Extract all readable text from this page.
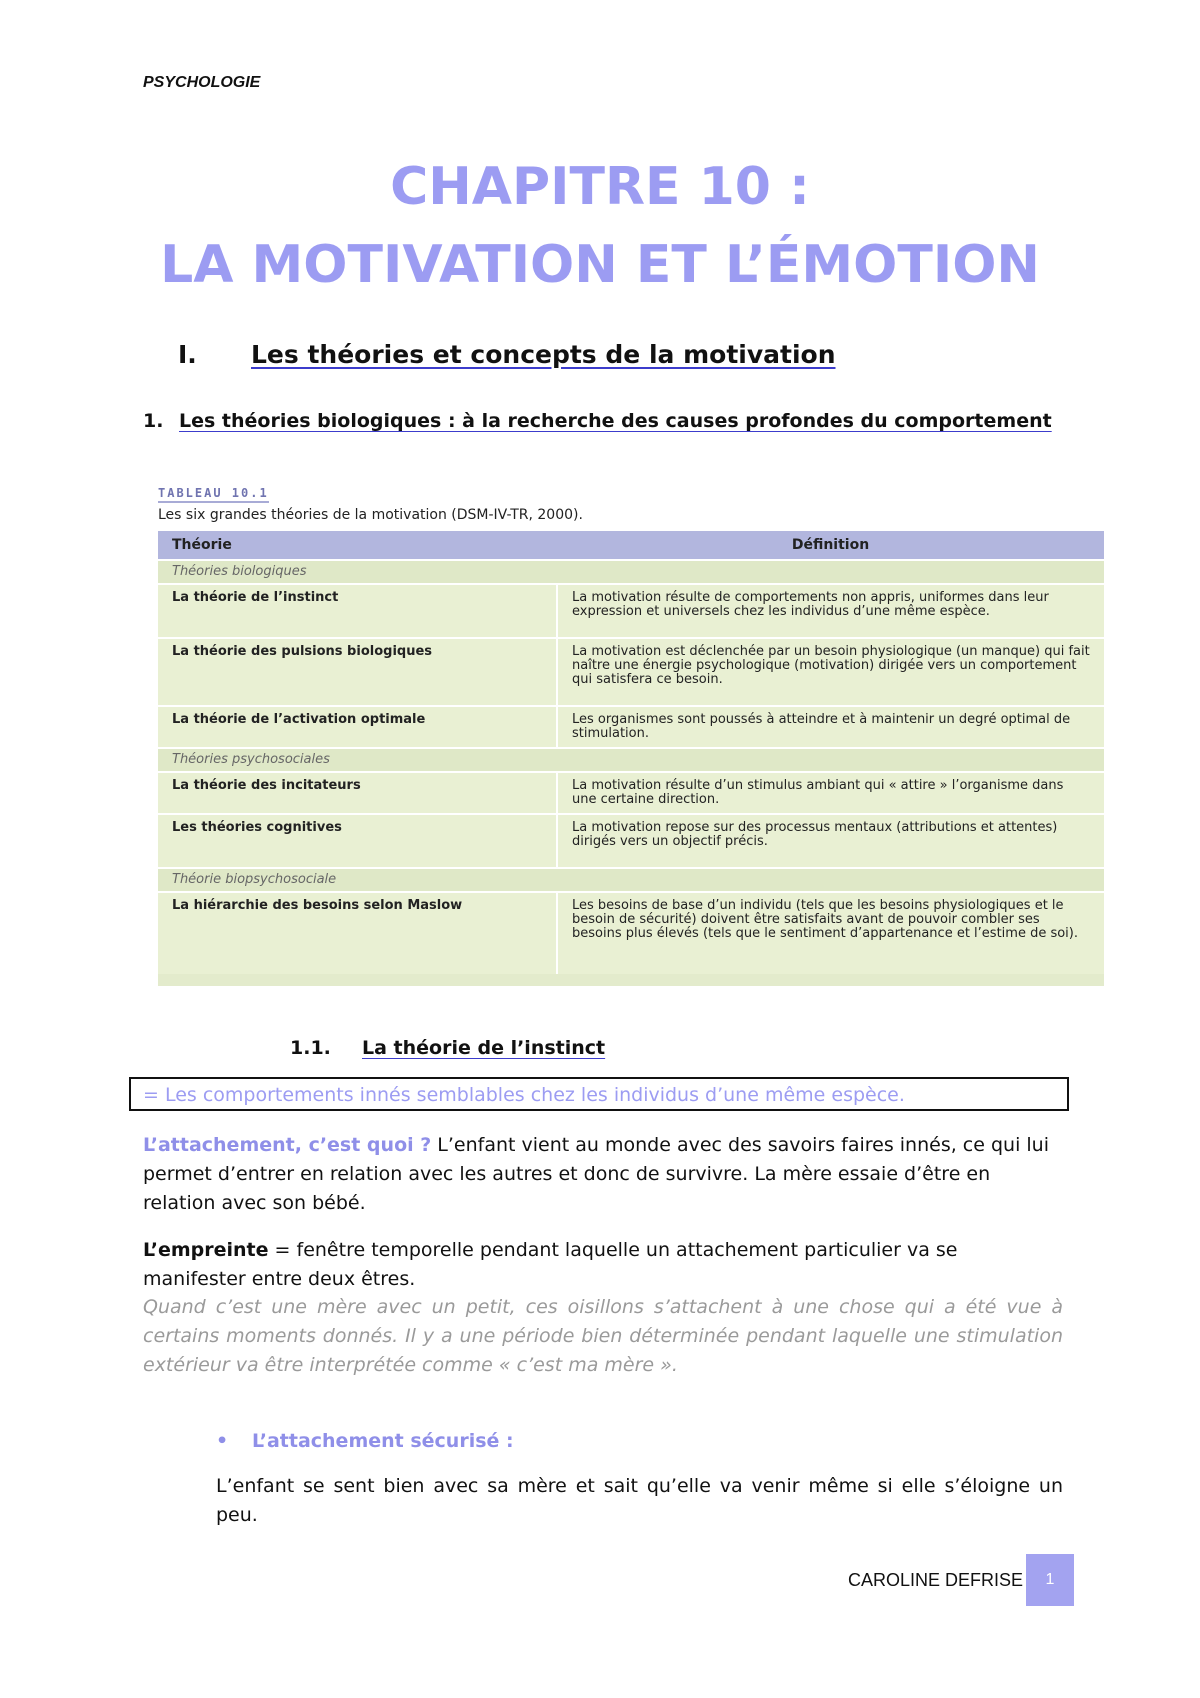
PSYCHOLOGIE
CHAPITRE 10 :
LA MOTIVATION ET L’ÉMOTION
I. Les théories et concepts de la motivation
1. Les théories biologiques : à la recherche des causes profondes du comportement
TABLEAU 10.1
Les six grandes théories de la motivation (DSM-IV-TR, 2000).
Théorie	Définition
Théories biologiques	
La théorie de l’instinct	La motivation résulte de comportements non appris, uniformes dans leur expression et universels chez les individus d’une même espèce.
La théorie des pulsions biologiques	La motivation est déclenchée par un besoin physiologique (un manque) qui fait naître une énergie psychologique (motivation) dirigée vers un comportement qui satisfera ce besoin.
La théorie de l’activation optimale	Les organismes sont poussés à atteindre et à maintenir un degré optimal de stimulation.
Théories psychosociales	
La théorie des incitateurs	La motivation résulte d’un stimulus ambiant qui « attire » l’organisme dans une certaine direction.
Les théories cognitives	La motivation repose sur des processus mentaux (attributions et attentes) dirigés vers un objectif précis.
Théorie biopsychosociale	
La hiérarchie des besoins selon Maslow	Les besoins de base d’un individu (tels que les besoins physiologiques et le besoin de sécurité) doivent être satisfaits avant de pouvoir combler ses besoins plus élevés (tels que le sentiment d’appartenance et l’estime de soi).
1.1. La théorie de l’instinct
= Les comportements innés semblables chez les individus d’une même espèce.
L’attachement, c’est quoi ? L’enfant vient au monde avec des savoirs faires innés, ce qui lui permet d’entrer en relation avec les autres et donc de survivre. La mère essaie d’être en relation avec son bébé.
L’empreinte = fenêtre temporelle pendant laquelle un attachement particulier va se manifester entre deux êtres.
Quand c’est une mère avec un petit, ces oisillons s’attachent à une chose qui a été vue à certains moments donnés. Il y a une période bien déterminée pendant laquelle une stimulation extérieur va être interprétée comme « c’est ma mère ».
• L’attachement sécurisé :
L’enfant se sent bien avec sa mère et sait qu’elle va venir même si elle s’éloigne un peu.
CAROLINE DEFRISE	1
